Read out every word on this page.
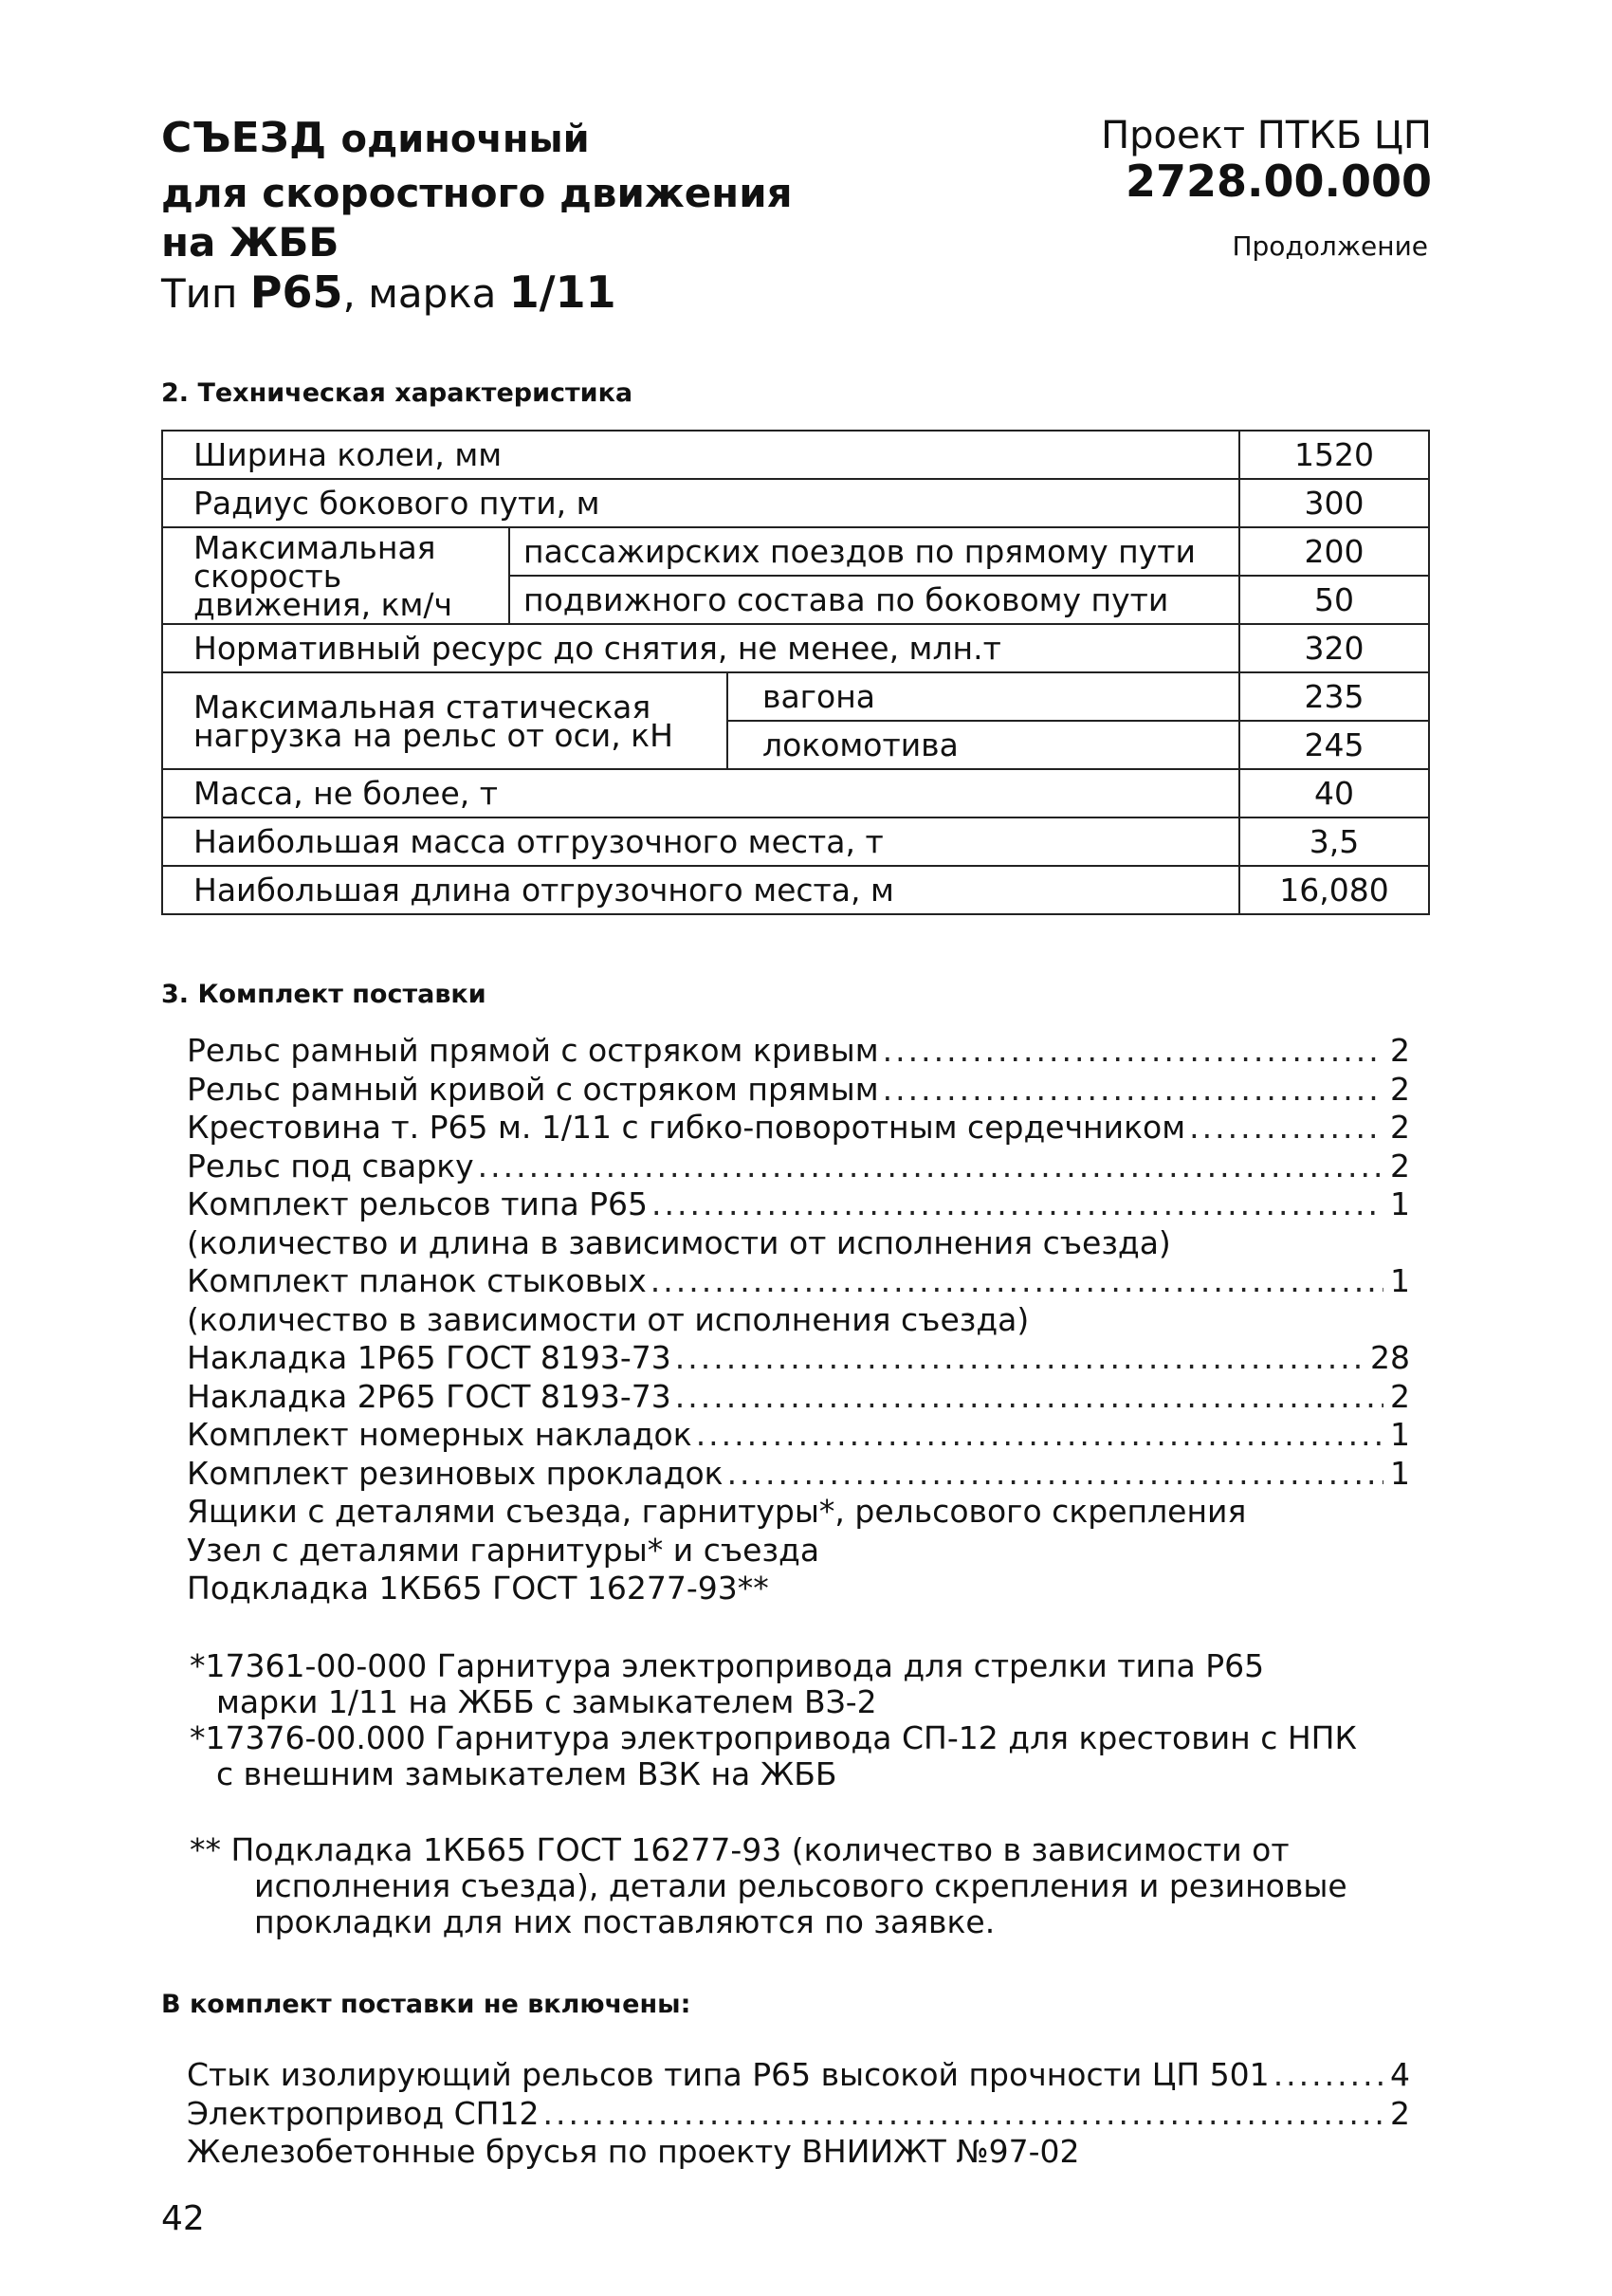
СЪЕЗД одиночный
для скоростного движения
на ЖББ
Тип Р65, марка 1/11
Проект ПТКБ ЦП
2728.00.000
Продолжение
2. Техническая характеристика
Ширина колеи, мм			1520
Радиус бокового пути, м			300

Максимальная
скорость
движения, км/ч	пассажирских поездов по прямому пути		200
	подвижного состава по боковому пути		50
Нормативный ресурс до снятия, не менее, млн.т			320

Максимальная статическая
нагрузка на рельс от оси, кН		вагона	235
		локомотива	245
Масса, не более, т			40
Наибольшая масса отгрузочного места, т			3,5
Наибольшая длина отгрузочного места, м			16,080
3. Комплект поставки
Рельс рамный прямой с остряком кривым .....	2
Рельс рамный кривой с остряком прямым .....	2
Крестовина т. Р65 м. 1/11 с гибко-поворотным сердечником .....	2
Рельс под сварку .....	2
Комплект рельсов типа Р65 .....	1
(количество и длина в зависимости от исполнения съезда)
Комплект планок стыковых .....	1
(количество в зависимости от исполнения съезда)
Накладка 1Р65 ГОСТ 8193-73 .....	28
Накладка 2Р65 ГОСТ 8193-73 .....	2
Комплект номерных накладок .....	1
Комплект резиновых прокладок .....	1
Ящики с деталями съезда, гарнитуры*, рельсового скрепления
Узел с деталями гарнитуры* и съезда
Подкладка 1КБ65 ГОСТ 16277-93**
*17361-00-000 Гарнитура электропривода для стрелки типа Р65
марки 1/11 на ЖББ с замыкателем ВЗ-2
*17376-00.000 Гарнитура электропривода СП-12 для крестовин с НПК
с внешним замыкателем ВЗК на ЖББ
** Подкладка 1КБ65 ГОСТ 16277-93 (количество в зависимости от
исполнения съезда), детали рельсового скрепления и резиновые
прокладки для них поставляются по заявке.
В комплект поставки не включены:
Стык изолирующий рельсов типа Р65 высокой прочности ЦП 501 .....	4
Электропривод СП12 .....	2
Железобетонные брусья по проекту ВНИИЖТ №97-02
42
